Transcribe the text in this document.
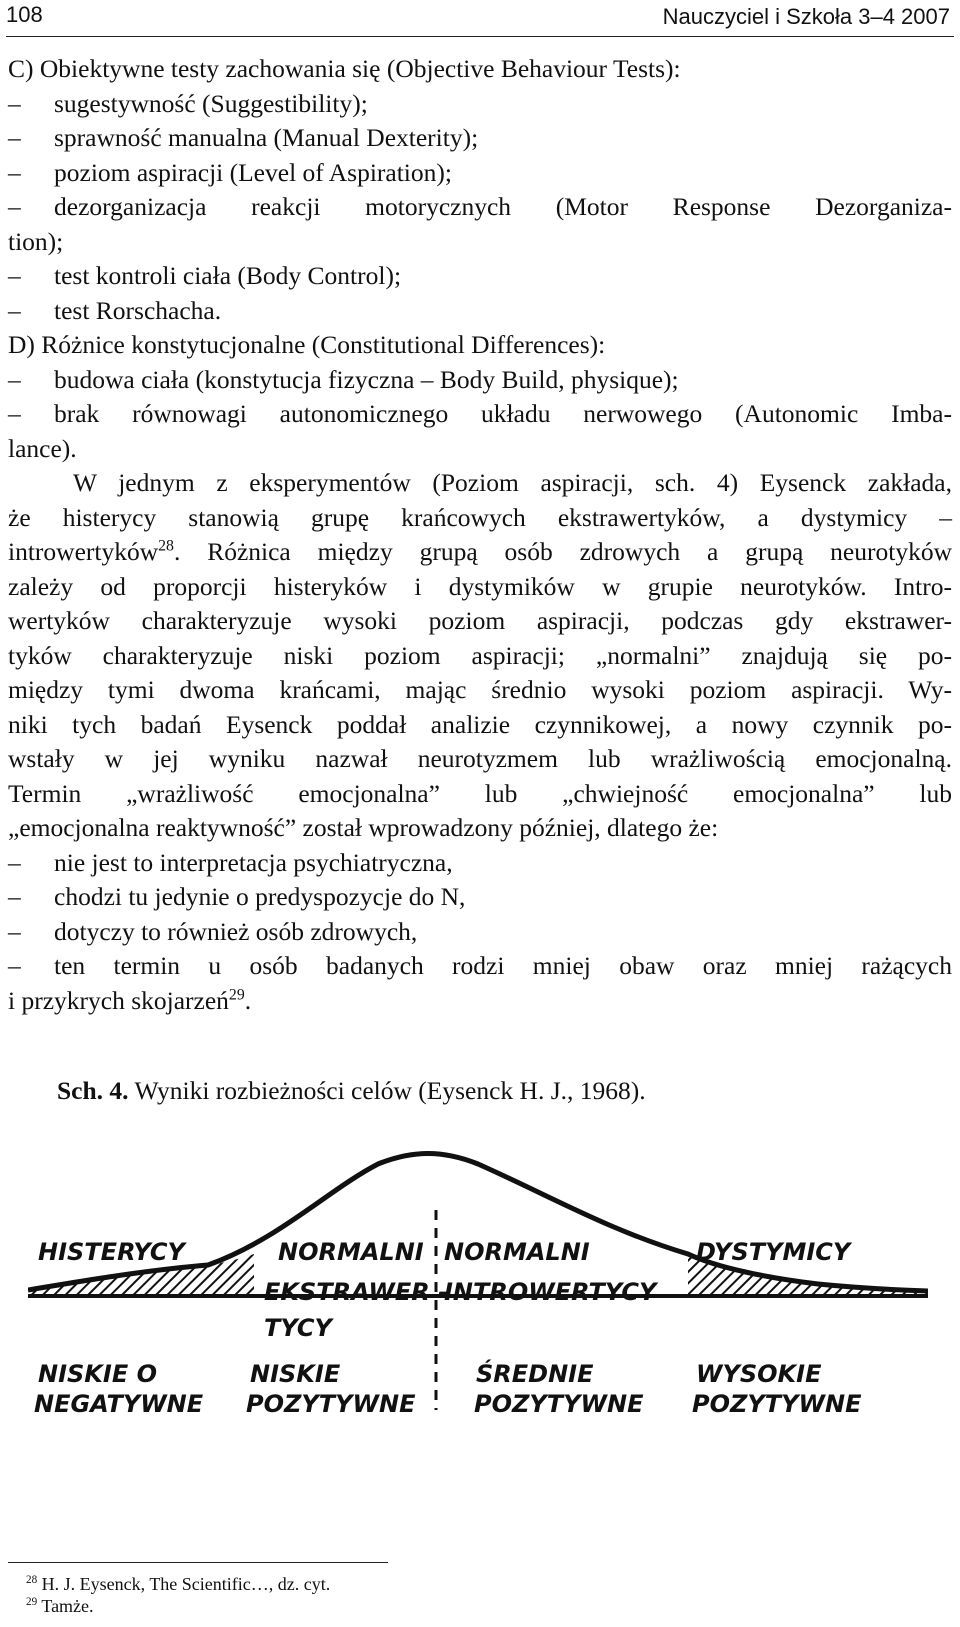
108	Nauczyciel i Szkoła 3–4 2007
C) Obiektywne testy zachowania się (Objective Behaviour Tests):
– sugestywność (Suggestibility);
– sprawność manualna (Manual Dexterity);
– poziom aspiracji (Level of Aspiration);
– dezorganizacja reakcji motorycznych (Motor Response Dezorganiza-
tion);
– test kontroli ciała (Body Control);
– test Rorschacha.
D) Różnice konstytucjonalne (Constitutional Differences):
– budowa ciała (konstytucja fizyczna – Body Build, physique);
– brak równowagi autonomicznego układu nerwowego (Autonomic Imba-
lance).
W jednym z eksperymentów (Poziom aspiracji, sch. 4) Eysenck zakłada,
że histerycy stanowią grupę krańcowych ekstrawertyków, a dystymicy –
introwertyków$^{28}$. Różnica między grupą osób zdrowych a grupą neurotyków
zależy od proporcji histeryków i dystymików w grupie neurotyków. Intro-
wertyków charakteryzuje wysoki poziom aspiracji, podczas gdy ekstrawer-
tyków charakteryzuje niski poziom aspiracji; „normalni” znajdują się po-
między tymi dwoma krańcami, mając średnio wysoki poziom aspiracji. Wy-
niki tych badań Eysenck poddał analizie czynnikowej, a nowy czynnik po-
wstały w jej wyniku nazwał neurotyzmem lub wrażliwością emocjonalną.
Termin „wrażliwość emocjonalna” lub „chwiejność emocjonalna” lub
„emocjonalna reaktywność” został wprowadzony później, dlatego że:
– nie jest to interpretacja psychiatryczna,
– chodzi tu jedynie o predyspozycje do N,
– dotyczy to również osób zdrowych,
– ten termin u osób badanych rodzi mniej obaw oraz mniej rażących
i przykrych skojarzeń$^{29}$.
Sch. 4. Wyniki rozbieżności celów (Eysenck H. J., 1968).
HISTERYCY	NORMALNI
EKSTRAWER -
TYCY
NORMALNI
INTROWERTYCY
DYSTYMICY
NISKIE O
NEGATYWNE
NISKIE
POZYTYWNE
ŚREDNIE
POZYTYWNE
WYSOKIE
POZYTYWNE
$^{28}$ H. J. Eysenck, The Scientific…, dz. cyt.
$^{29}$ Tamże.
